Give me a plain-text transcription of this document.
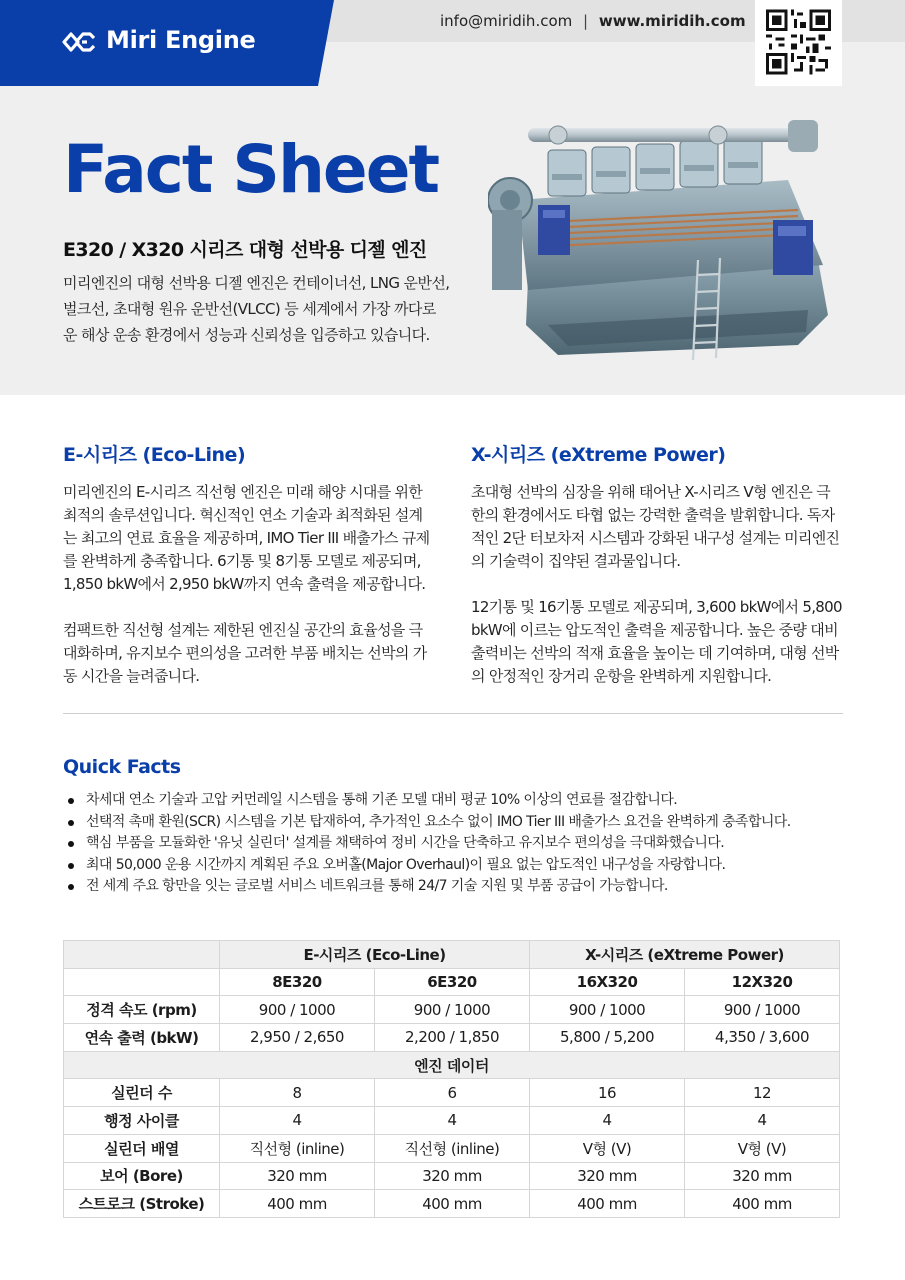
Miri Engine
info@miridih.com | www.miridih.com
Fact Sheet
E320 / X320 시리즈 대형 선박용 디젤 엔진
미리엔진의 대형 선박용 디젤 엔진은 컨테이너선, LNG 운반선,
벌크선, 초대형 원유 운반선(VLCC) 등 세계에서 가장 까다로
운 해상 운송 환경에서 성능과 신뢰성을 입증하고 있습니다.
E-시리즈 (Eco-Line)

미리엔진의 E-시리즈 직선형 엔진은 미래 해양 시대를 위한 최적의 솔루션입니다. 혁신적인 연소 기술과 최적화된 설계는 최고의 연료 효율을 제공하며, IMO Tier III 배출가스 규제를 완벽하게 충족합니다. 6기통 및 8기통 모델로 제공되며, 1,850 bkW에서 2,950 bkW까지 연속 출력을 제공합니다.

컴팩트한 직선형 설계는 제한된 엔진실 공간의 효율성을 극대화하며, 유지보수 편의성을 고려한 부품 배치는 선박의 가동 시간을 늘려줍니다.

X-시리즈 (eXtreme Power)

초대형 선박의 심장을 위해 태어난 X-시리즈 V형 엔진은 극한의 환경에서도 타협 없는 강력한 출력을 발휘합니다. 독자적인 2단 터보차저 시스템과 강화된 내구성 설계는 미리엔진의 기술력이 집약된 결과물입니다.

12기통 및 16기통 모델로 제공되며, 3,600 bkW에서 5,800 bkW에 이르는 압도적인 출력을 제공합니다. 높은 중량 대비 출력비는 선박의 적재 효율을 높이는 데 기여하며, 대형 선박의 안정적인 장거리 운항을 완벽하게 지원합니다.

Quick Facts
차세대 연소 기술과 고압 커먼레일 시스템을 통해 기존 모델 대비 평균 10% 이상의 연료를 절감합니다.
선택적 촉매 환원(SCR) 시스템을 기본 탑재하여, 추가적인 요소수 없이 IMO Tier III 배출가스 요건을 완벽하게 충족합니다.
핵심 부품을 모듈화한 '유닛 실린더' 설계를 채택하여 정비 시간을 단축하고 유지보수 편의성을 극대화했습니다.
최대 50,000 운용 시간까지 계획된 주요 오버홀(Major Overhaul)이 필요 없는 압도적인 내구성을 자랑합니다.
전 세계 주요 항만을 잇는 글로벌 서비스 네트워크를 통해 24/7 기술 지원 및 부품 공급이 가능합니다.
	E-시리즈 (Eco-Line)		X-시리즈 (eXtreme Power)	
	8E320	6E320	16X320	12X320
정격 속도 (rpm)	900 / 1000	900 / 1000	900 / 1000	900 / 1000
연속 출력 (bkW)	2,950 / 2,650	2,200 / 1,850	5,800 / 5,200	4,350 / 3,600
엔진 데이터				
실린더 수	8	6	16	12
행정 사이클	4	4	4	4
실린더 배열	직선형 (inline)	직선형 (inline)	V형 (V)	V형 (V)
보어 (Bore)	320 mm	320 mm	320 mm	320 mm
스트로크 (Stroke)	400 mm	400 mm	400 mm	400 mm
